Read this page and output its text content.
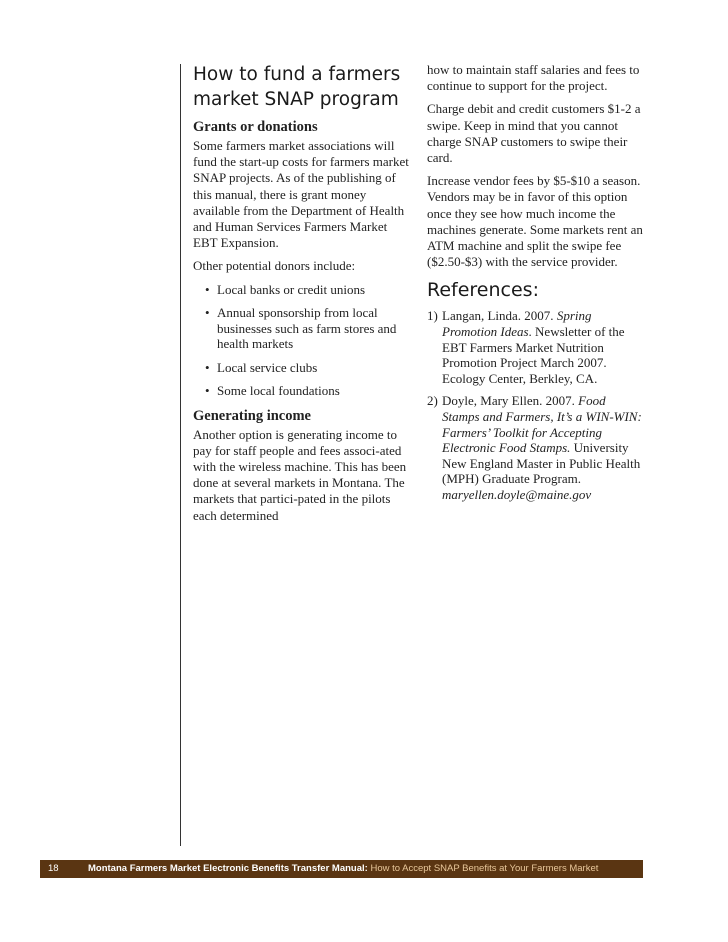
How to fund a farmers
market SNAP program
Grants or donations

Some farmers market associations will fund the start-up costs for farmers market SNAP projects. As of the publishing of this manual, there is grant money available from the Department of Health and Human Services Farmers Market EBT Expansion.

Other potential donors include:

• Local banks or credit unions
• Annual sponsorship from local businesses such as farm stores and health markets
• Local service clubs
• Some local foundations
Generating income

Another option is generating income to pay for staff people and fees associ-ated with the wireless machine. This has been done at several markets in Montana. The markets that partici-pated in the pilots each determined

how to maintain staff salaries and fees to continue to support for the project.

Charge debit and credit customers $1-2 a swipe. Keep in mind that you cannot charge SNAP customers to swipe their card.

Increase vendor fees by $5-$10 a season. Vendors may be in favor of this option once they see how much income the machines generate. Some markets rent an ATM machine and split the swipe fee ($2.50-$3) with the service provider.

References:
1) Langan, Linda. 2007. Spring Promotion Ideas. Newsletter of the EBT Farmers Market Nutrition Promotion Project March 2007. Ecology Center, Berkley, CA.
2) Doyle, Mary Ellen. 2007. Food Stamps and Farmers, It’s a WIN-WIN: Farmers’ Toolkit for Accepting Electronic Food Stamps. University New England Master in Public Health (MPH) Graduate Program. maryellen.doyle@maine.gov
18	Montana Farmers Market Electronic Benefits Transfer Manual: How to Accept SNAP Benefits at Your Farmers Market
